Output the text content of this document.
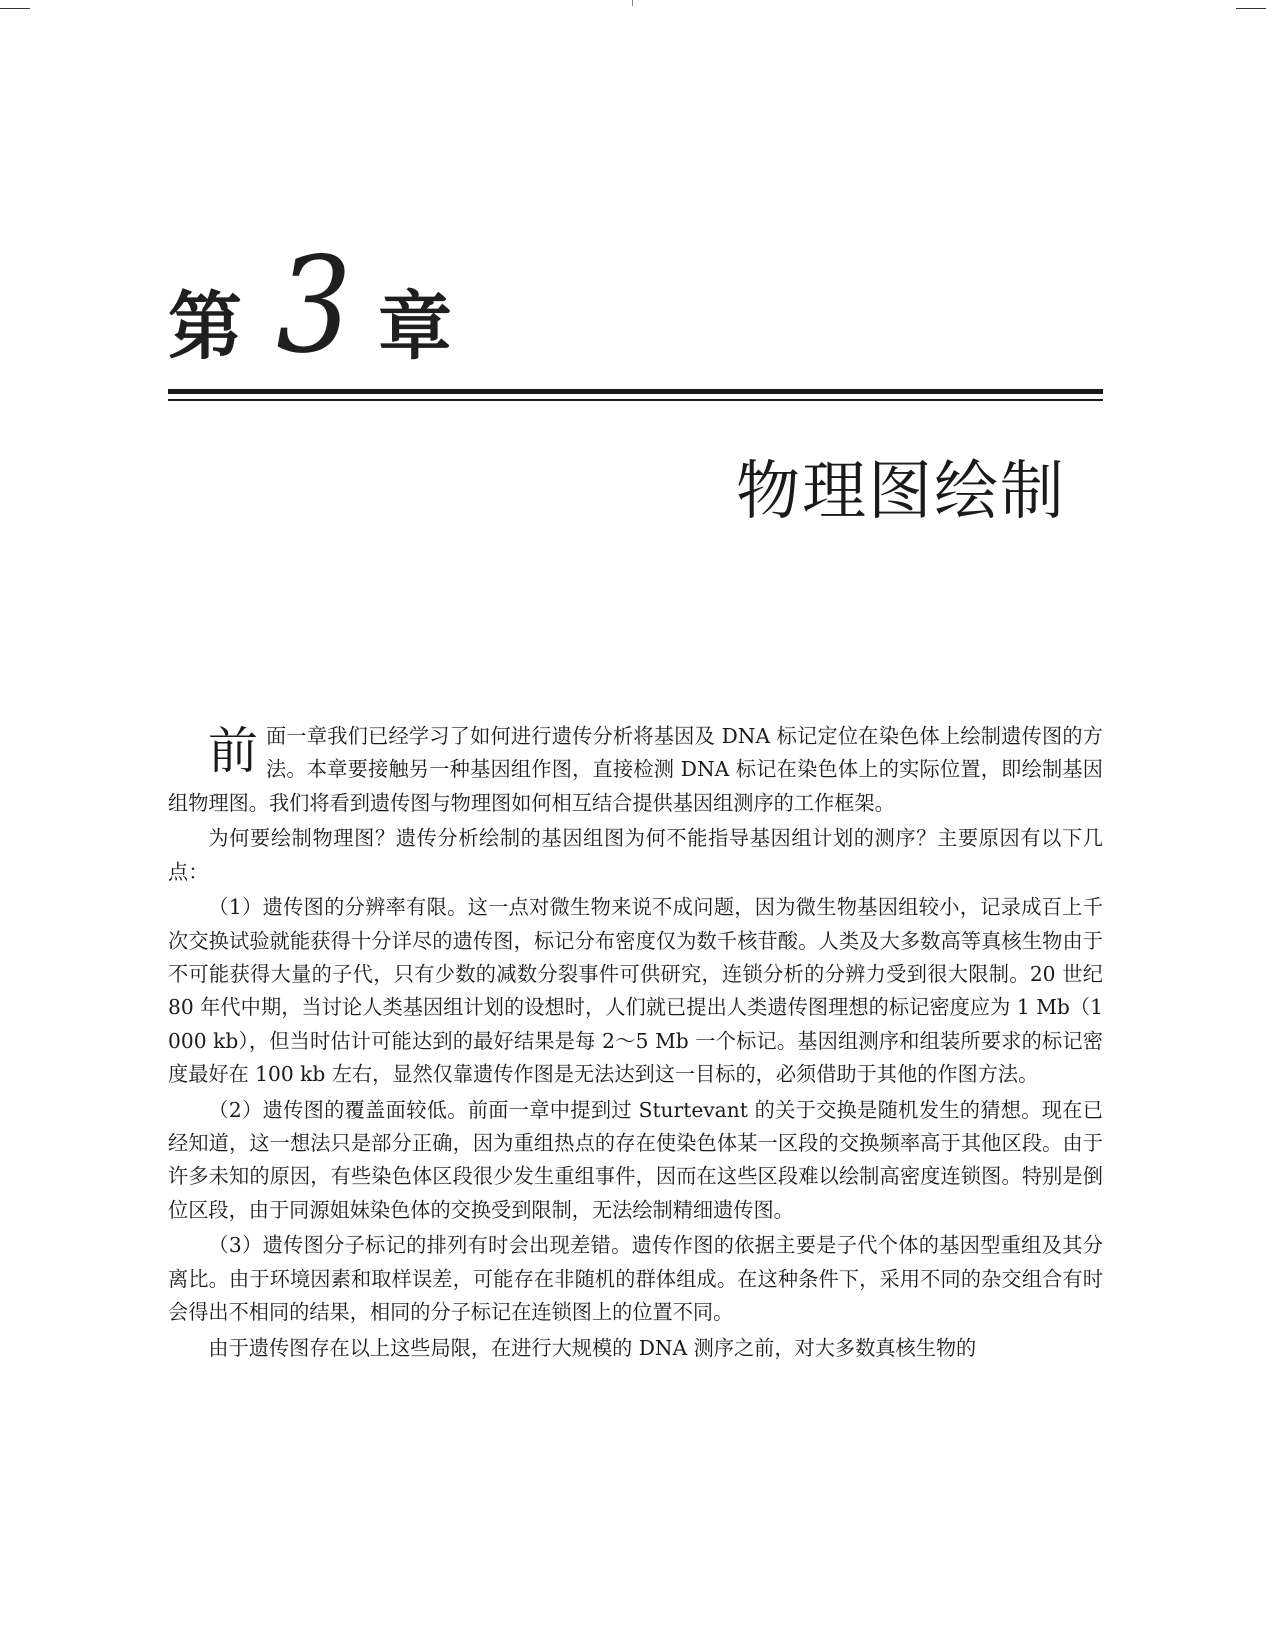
第 3 章
物理图绘制

前 面一章我们已经学习了如何进行遗传分析将基因及 DNA 标记定位在染色体上绘制遗传图的方法。本章要接触另一种基因组作图，直接检测 DNA 标记在染色体上的实际位置，即绘制基因组物理图。我们将看到遗传图与物理图如何相互结合提供基因组测序的工作框架。

为何要绘制物理图？遗传分析绘制的基因组图为何不能指导基因组计划的测序？主要原因有以下几点：

（1）遗传图的分辨率有限。这一点对微生物来说不成问题，因为微生物基因组较小，记录成百上千次交换试验就能获得十分详尽的遗传图，标记分布密度仅为数千核苷酸。人类及大多数高等真核生物由于不可能获得大量的子代，只有少数的减数分裂事件可供研究，连锁分析的分辨力受到很大限制。20 世纪 80 年代中期，当讨论人类基因组计划的设想时，人们就已提出人类遗传图理想的标记密度应为 1 Mb（1 000 kb），但当时估计可能达到的最好结果是每 2～5 Mb 一个标记。基因组测序和组装所要求的标记密度最好在 100 kb 左右，显然仅靠遗传作图是无法达到这一目标的，必须借助于其他的作图方法。

（2）遗传图的覆盖面较低。前面一章中提到过 Sturtevant 的关于交换是随机发生的猜想。现在已经知道，这一想法只是部分正确，因为重组热点的存在使染色体某一区段的交换频率高于其他区段。由于许多未知的原因，有些染色体区段很少发生重组事件，因而在这些区段难以绘制高密度连锁图。特别是倒位区段，由于同源姐妹染色体的交换受到限制，无法绘制精细遗传图。

（3）遗传图分子标记的排列有时会出现差错。遗传作图的依据主要是子代个体的基因型重组及其分离比。由于环境因素和取样误差，可能存在非随机的群体组成。在这种条件下，采用不同的杂交组合有时会得出不相同的结果，相同的分子标记在连锁图上的位置不同。

由于遗传图存在以上这些局限，在进行大规模的 DNA 测序之前，对大多数真核生物的
